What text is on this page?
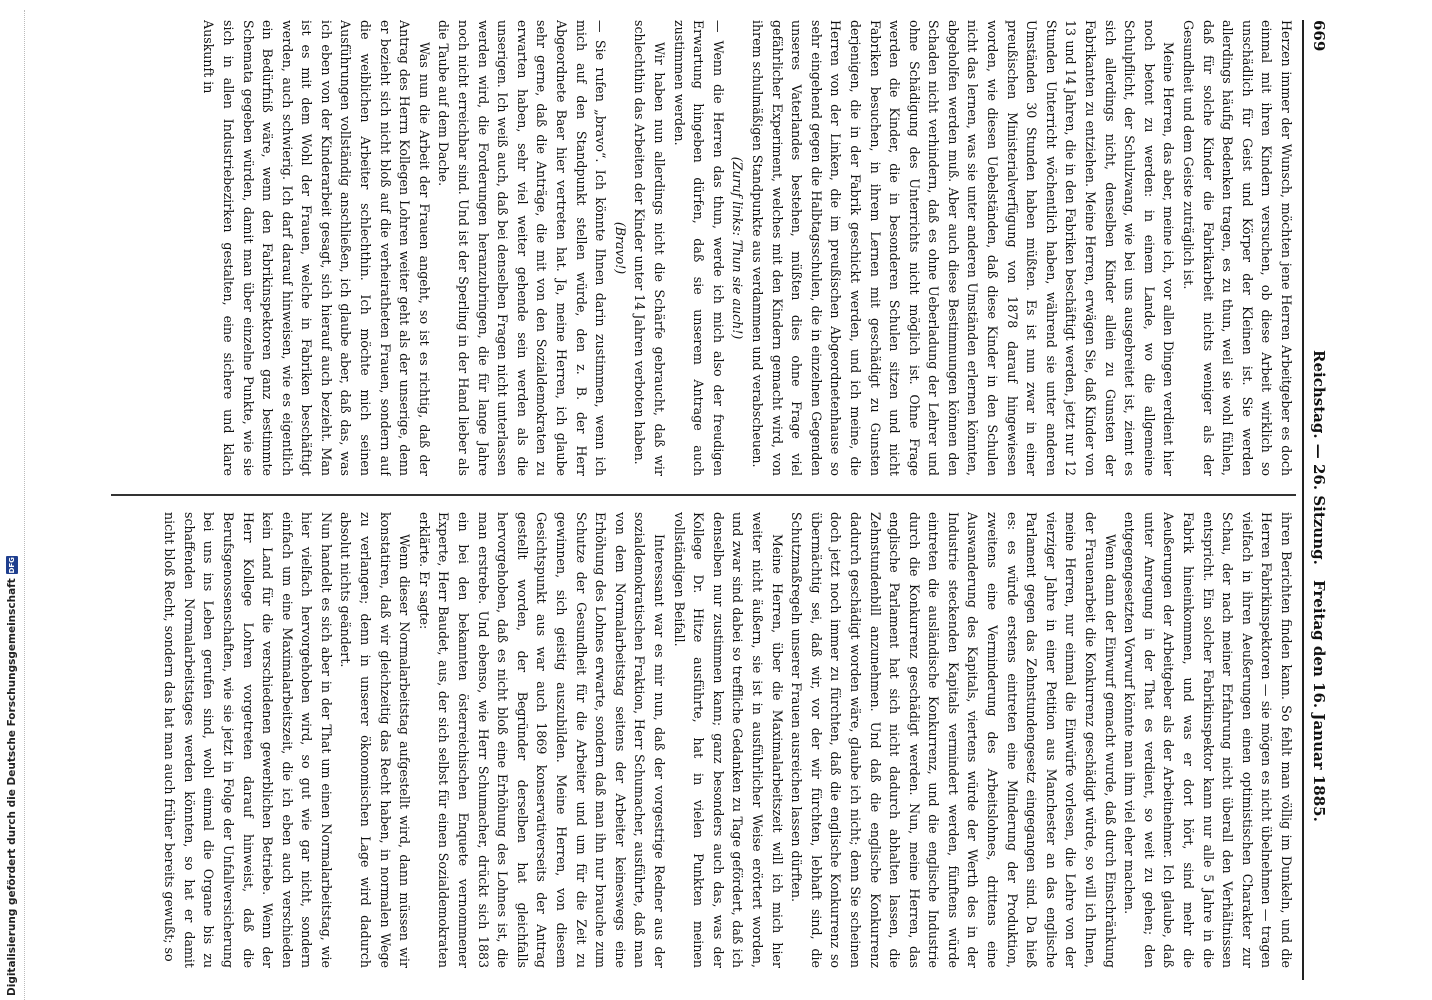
669
Reichstag. — 26. Sitzung.
Freitag den 16. Januar 1885.

Herzen immer der Wunsch, möchten jene Herren Arbeitgeber es doch einmal mit ihren Kindern versuchen, ob diese Arbeit wirklich so unschädlich für Geist und Körper der Kleinen ist. Sie werden allerdings häufig Bedenken tragen, es zu thun, weil sie wohl fühlen, daß für solche Kinder die Fabrikarbeit nichts weniger als der Gesundheit und dem Geiste zuträglich ist.

Meine Herren, das aber, meine ich, vor allen Dingen verdient hier noch betont zu werden: in einem Lande, wo die allgemeine Schulpflicht, der Schulzwang, wie bei uns ausgebreitet ist, ziemt es sich allerdings nicht, denselben Kinder allein zu Gunsten der Fabrikanten zu entziehen. Meine Herren, erwägen Sie, daß Kinder von 13 und 14 Jahren, die in den Fabriken beschäftigt werden, jetzt nur 12 Stunden Unterricht wöchentlich haben, während sie unter anderen Umständen 30 Stunden haben müßten. Es ist nun zwar in einer preußischen Ministerialverfügung von 1878 darauf hingewiesen worden, wie diesen Uebelständen, daß diese Kinder in den Schulen nicht das lernen, was sie unter anderen Umständen erlernen könnten, abgeholfen werden muß. Aber auch diese Bestimmungen können den Schaden nicht verhindern, daß es ohne Ueberladung der Lehrer und ohne Schädigung des Unterrichts nicht möglich ist. Ohne Frage werden die Kinder, die in besonderen Schulen sitzen und nicht Fabriken besuchen, in ihrem Lernen mit geschädigt zu Gunsten derjenigen, die in der Fabrik geschickt werden, und ich meine, die Herren von der Linken, die im preußischen Abgeordnetenhause so sehr eingehend gegen die Halbtagsschulen, die in einzelnen Gegenden unseres Vaterlandes bestehen, müßten dies ohne Frage viel gefährlicher Experiment, welches mit den Kindern gemacht wird, von ihrem schulmäßigen Standpunkte aus verdammen und verabscheuen.

(Zuruf links: Thun sie auch!)

— Wenn die Herren das thun, werde ich mich also der freudigen Erwartung hingeben dürfen, daß sie unserem Antrage auch zustimmen werden.

Wir haben nun allerdings nicht die Schärfe gebraucht, daß wir schlechthin das Arbeiten der Kinder unter 14 Jahren verboten haben.

(Bravo!)

— Sie rufen „bravo“. Ich könnte Ihnen darin zustimmen, wenn ich mich auf den Standpunkt stellen würde, den z. B. der Herr Abgeordnete Baer hier vertreten hat. Ja, meine Herren, ich glaube sehr gerne, daß die Anträge, die mit von den Sozialdemokraten zu erwarten haben, sehr viel weiter gehende sein werden als die unserigen. Ich weiß auch, daß bei denselben Fragen nicht unterlassen werden wird, die Forderungen heranzubringen, die für lange Jahre noch nicht erreichbar sind. Und ist der Sperling in der Hand lieber als die Taube auf dem Dache.

Was nun die Arbeit der Frauen angeht, so ist es richtig, daß der Antrag des Herrn Kollegen Lohren weiter geht als der unserige, denn er bezieht sich nicht bloß auf die verheiratheten Frauen, sondern auf die weiblichen Arbeiter schlechthin. Ich möchte mich seinen Ausführungen vollständig anschließen, ich glaube aber, daß das, was ich eben von der Kinderarbeit gesagt, sich hierauf auch bezieht. Man ist es mit dem Wohl der Frauen, welche in Fabriken beschäftigt werden, auch schwierig. Ich darf darauf hinweisen, wie es eigentlich ein Bedürfniß wäre, wenn den Fabrikinspektoren ganz bestimmte Schemata gegeben würden, damit man über einzelne Punkte, wie sie sich in allen Industriebezirken gestalten, eine sichere und klare Auskunft in

ihren Berichten finden kann. So fehlt man völlig im Dunkeln, und die Herren Fabrikinspektoren — sie mögen es nicht übelnehmen — tragen vielfach in ihren Aeußerungen einen optimistischen Charakter zur Schau, der nach meiner Erfahrung nicht überall den Verhältnissen entspricht. Ein solcher Fabrikinspektor kann nur alle 5 Jahre in die Fabrik hineinkommen, und was er dort hört, sind mehr die Aeußerungen der Arbeitgeber als der Arbeitnehmer. Ich glaube, daß unter Anregung in der That es verdient, so weit zu gehen; den entgegengesetzten Vorwurf könnte man ihm viel eher machen.

Wenn dann der Einwurf gemacht wurde, daß durch Einschränkung der Frauenarbeit die Konkurrenz geschädigt würde, so will ich Ihnen, meine Herren, nur einmal die Einwürfe vorlesen, die Lehre von der vierziger Jahre in einer Petition aus Manchester an das englische Parlament gegen das Zehnstundengesetz eingegangen sind. Da hieß es: es würde erstens eintreten eine Minderung der Produktion, zweitens eine Verminderung des Arbeitslohnes, drittens eine Auswanderung des Kapitals, viertens würde der Werth des in der Industrie steckenden Kapitals vermindert werden, fünftens würde eintreten die ausländische Konkurrenz, und die englische Industrie durch die Konkurrenz geschädigt werden. Nun, meine Herren, das englische Parlament hat sich nicht dadurch abhalten lassen, die Zehnstundenbill anzunehmen. Und daß die englische Konkurrenz dadurch geschädigt worden wäre, glaube ich nicht; denn Sie scheinen doch jetzt noch immer zu fürchten, daß die englische Konkurrenz so übermächtig sei, daß wir, vor der wir fürchten, lebhaft sind, die Schutzmaßregeln unserer Frauen ausreichen lassen dürften.

Meine Herren, über die Maximalarbeitszeit will ich mich hier weiter nicht äußern, sie ist in ausführlicher Weise erörtert worden, und zwar sind dabei so treffliche Gedanken zu Tage gefördert, daß ich denselben nur zustimmen kann; ganz besonders auch das, was der Kollege Dr. Hitze ausführte, hat in vielen Punkten meinen vollständigen Beifall.

Interessant war es mir nun, daß der vorgestrige Redner aus der sozialdemokratischen Fraktion, Herr Schumacher, ausführte, daß man von dem Normalarbeitstag seitens der Arbeiter keineswegs eine Erhöhung des Lohnes erwarte, sondern daß man ihn nur brauche zum Schutze der Gesundheit für die Arbeiter und um für die Zeit zu gewinnen, sich geistig auszubilden. Meine Herren, von diesem Gesichtspunkt aus war auch 1869 konservativerseits der Antrag gestellt worden, der Begründer derselben hat gleichfalls hervorgehoben, daß es nicht bloß eine Erhöhung des Lohnes ist, die man erstrebe. Und ebenso, wie Herr Schumacher, drückt sich 1883 ein bei den bekannten österreichischen Enquete vernommener Experte, Herr Baudet, aus, der sich selbst für einen Sozialdemokraten erklärte. Er sagte:

Wenn dieser Normalarbeitstag aufgestellt wird, dann müssen wir konstatiren, daß wir gleichzeitig das Recht haben, in normalen Wege zu verlangen; denn in unserer ökonomischen Lage wird dadurch absolut nichts geändert.

Nun handelt es sich aber in der That um einen Normalarbeitstag, wie hier vielfach hervorgehoben wird, so gut wie gar nicht, sondern einfach um eine Maximalarbeitszeit, die ich eben auch verschieden kein Land für die verschiedenen gewerblichen Betriebe. Wenn der Herr Kollege Lohren vorgetreten darauf hinweist, daß die Berufsgenossenschaften, wie sie jetzt in Folge der Unfallversicherung bei uns ins Leben gerufen sind, wohl einmal die Organe bis zu schaffenden Normalarbeitstages werden könnten, so hat er damit nicht bloß Recht, sondern das hat man auch früher bereits gewußt; so

Digitalisierung gefördert durch die Deutsche Forschungsgemeinschaft
DFG
